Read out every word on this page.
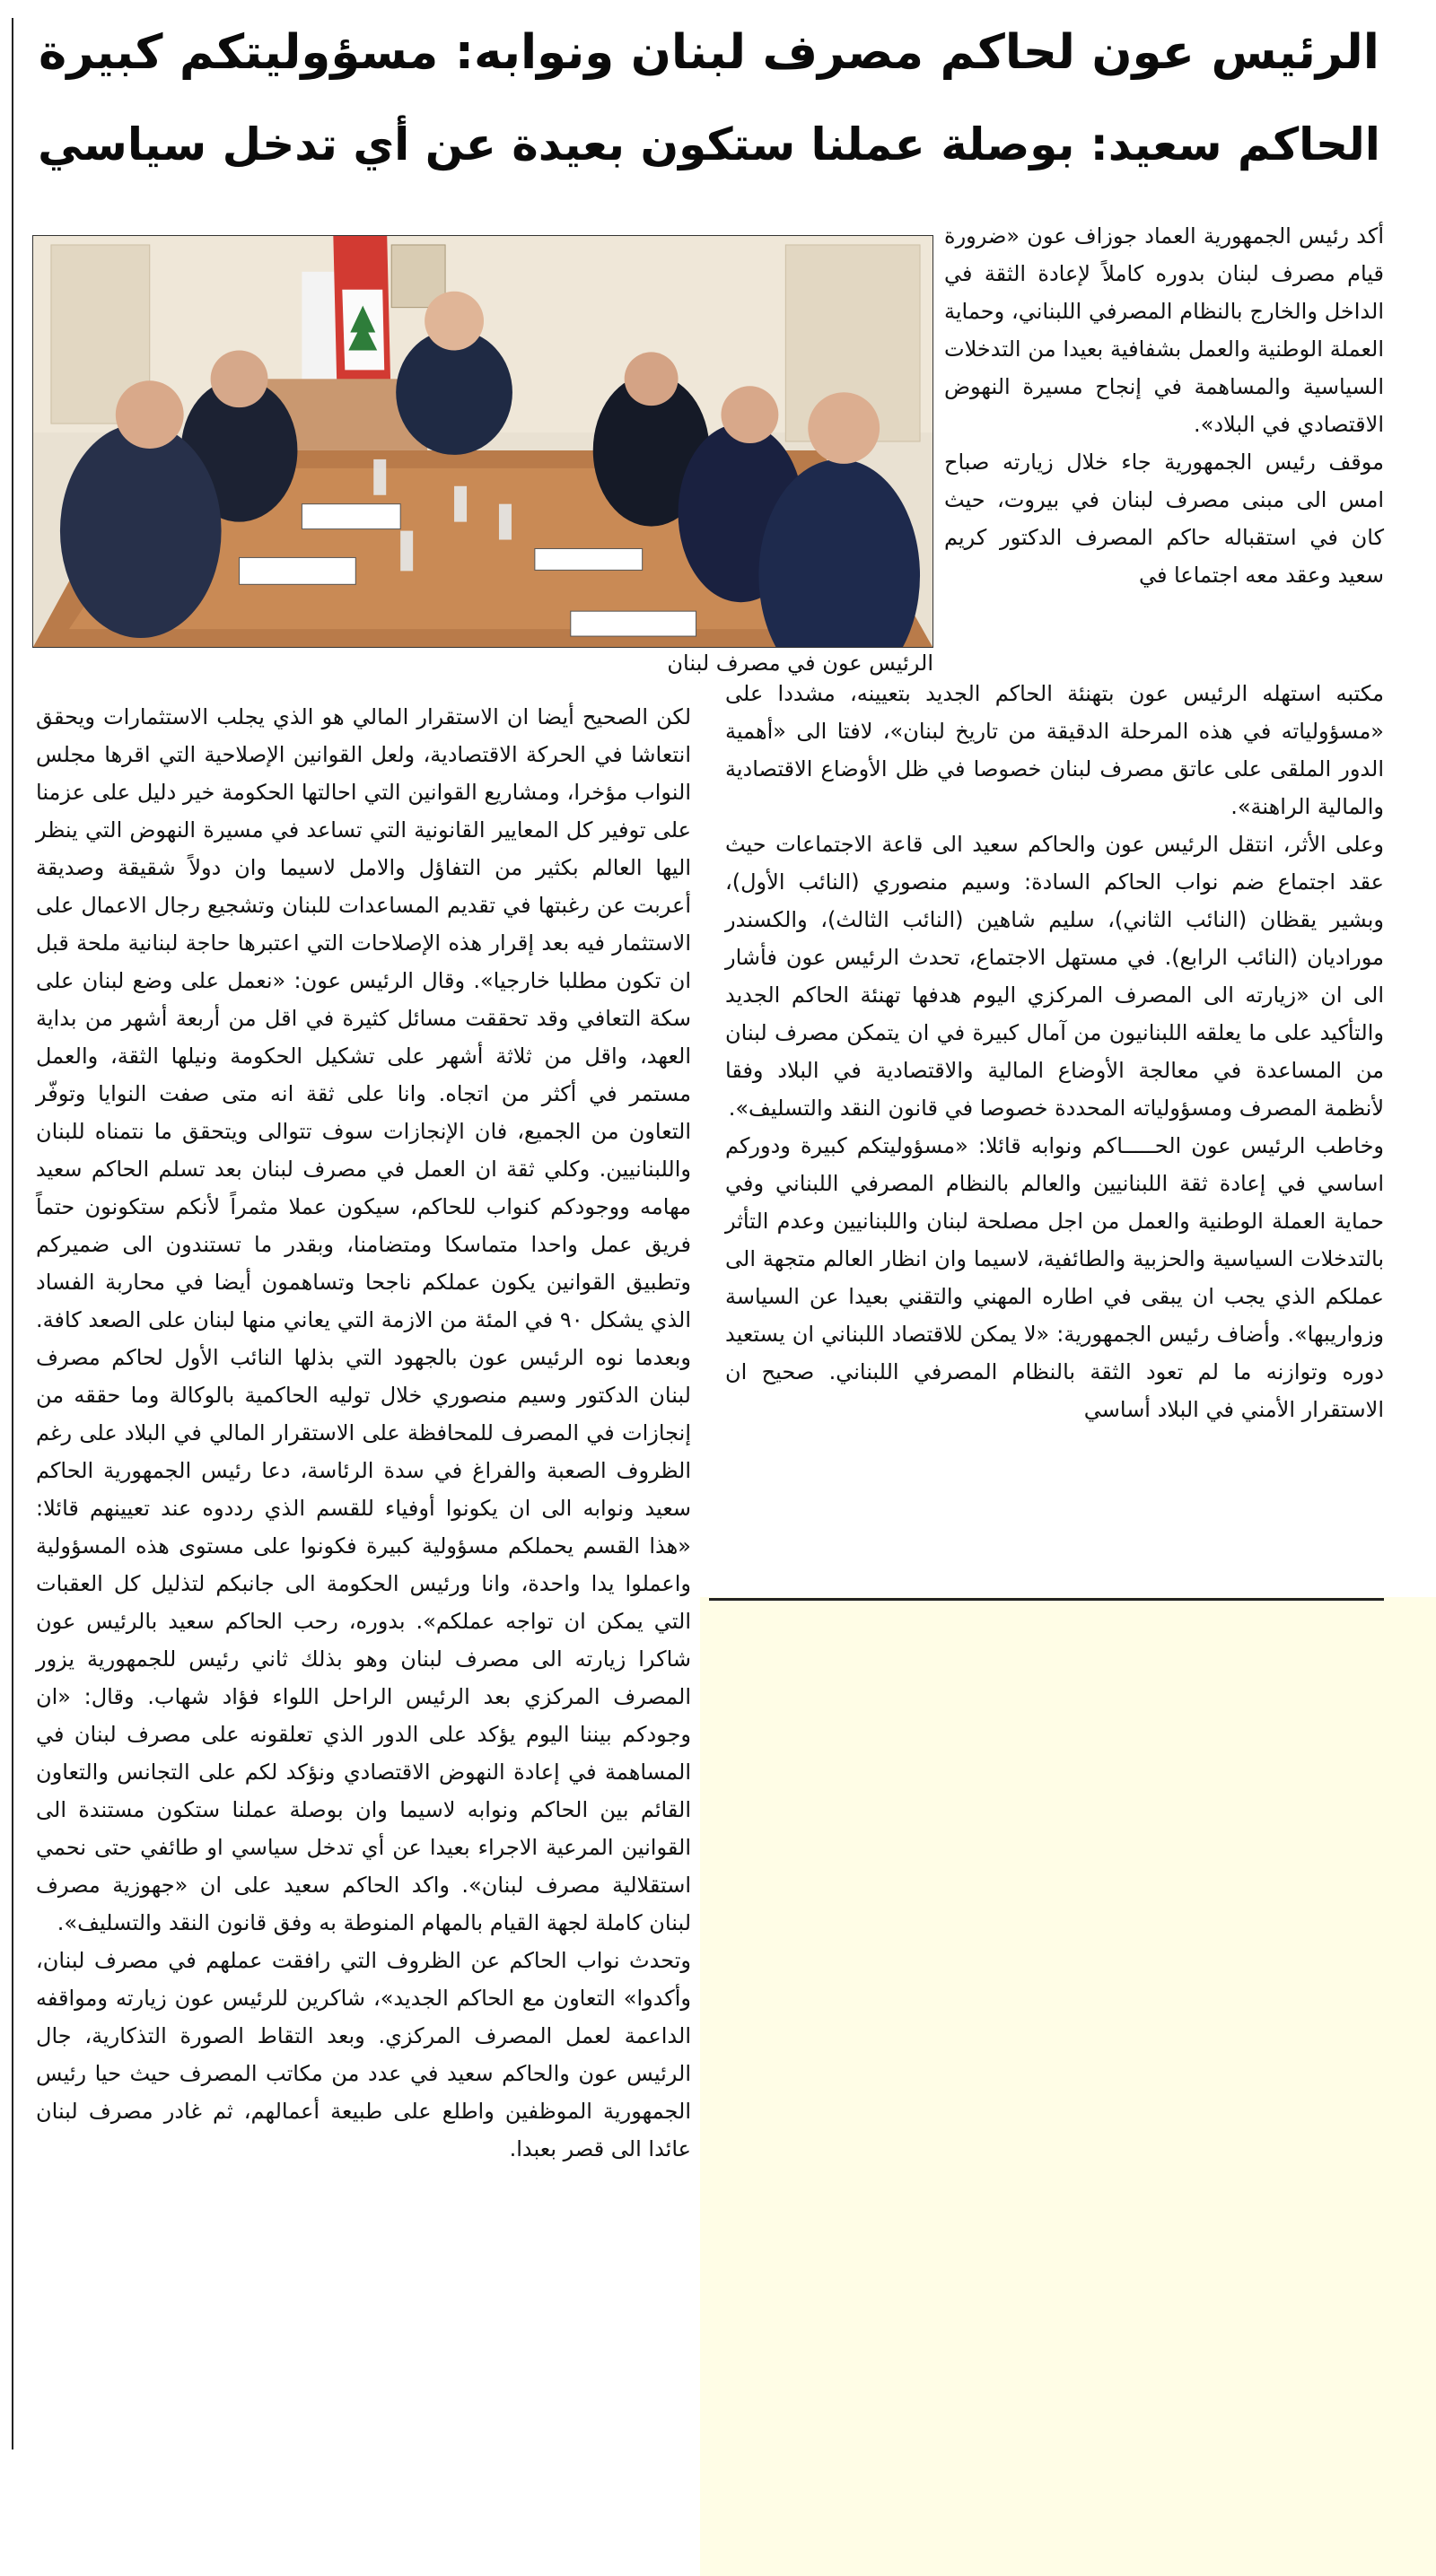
الرئيس عون لحاكم مصرف لبنان ونوابه: مسؤوليتكم كبيرة
الحاكم سعيد: بوصلة عملنا ستكون بعيدة عن أي تدخل سياسي
الرئيس عون في مصرف لبنان

أكد رئيس الجمهورية العماد جوزاف عون «ضرورة قيام مصرف لبنان بدوره كاملاً لإعادة الثقة في الداخل والخارج بالنظام المصرفي اللبناني، وحماية العملة الوطنية والعمل بشفافية بعيدا من التدخلات السياسية والمساهمة في إنجاح مسيرة النهوض الاقتصادي في البلاد».

موقف رئيس الجمهورية جاء خلال زيارته صباح امس الى مبنى مصرف لبنان في بيروت، حيث كان في استقباله حاكم المصرف الدكتور كريم سعيد وعقد معه اجتماعا في

مكتبه استهله الرئيس عون بتهنئة الحاكم الجديد بتعيينه، مشددا على «مسؤولياته في هذه المرحلة الدقيقة من تاريخ لبنان»، لافتا الى «أهمية الدور الملقى على عاتق مصرف لبنان خصوصا في ظل الأوضاع الاقتصادية والمالية الراهنة».

وعلى الأثر، انتقل الرئيس عون والحاكم سعيد الى قاعة الاجتماعات حيث عقد اجتماع ضم نواب الحاكم السادة: وسيم منصوري (النائب الأول)، وبشير يقظان (النائب الثاني)، سليم شاهين (النائب الثالث)، والكسندر موراديان (النائب الرابع). في مستهل الاجتماع، تحدث الرئيس عون فأشار الى ان «زيارته الى المصرف المركزي اليوم هدفها تهنئة الحاكم الجديد والتأكيد على ما يعلقه اللبنانيون من آمال كبيرة في ان يتمكن مصرف لبنان من المساعدة في معالجة الأوضاع المالية والاقتصادية في البلاد وفقا لأنظمة المصرف ومسؤولياته المحددة خصوصا في قانون النقد والتسليف».

وخاطب الرئيس عون الحـــــاكم ونوابه قائلا: «مسؤوليتكم كبيرة ودوركم اساسي في إعادة ثقة اللبنانيين والعالم بالنظام المصرفي اللبناني وفي حماية العملة الوطنية والعمل من اجل مصلحة لبنان واللبنانيين وعدم التأثر بالتدخلات السياسية والحزبية والطائفية، لاسيما وان انظار العالم متجهة الى عملكم الذي يجب ان يبقى في اطاره المهني والتقني بعيدا عن السياسة وزواريبها». وأضاف رئيس الجمهورية: «لا يمكن للاقتصاد اللبناني ان يستعيد دوره وتوازنه ما لم تعود الثقة بالنظام المصرفي اللبناني. صحيح ان الاستقرار الأمني في البلاد أساسي

لكن الصحيح أيضا ان الاستقرار المالي هو الذي يجلب الاستثمارات ويحقق انتعاشا في الحركة الاقتصادية، ولعل القوانين الإصلاحية التي اقرها مجلس النواب مؤخرا، ومشاريع القوانين التي احالتها الحكومة خير دليل على عزمنا على توفير كل المعايير القانونية التي تساعد في مسيرة النهوض التي ينظر اليها العالم بكثير من التفاؤل والامل لاسيما وان دولاً شقيقة وصديقة أعربت عن رغبتها في تقديم المساعدات للبنان وتشجيع رجال الاعمال على الاستثمار فيه بعد إقرار هذه الإصلاحات التي اعتبرها حاجة لبنانية ملحة قبل ان تكون مطلبا خارجيا». وقال الرئيس عون: «نعمل على وضع لبنان على سكة التعافي وقد تحققت مسائل كثيرة في اقل من أربعة أشهر من بداية العهد، واقل من ثلاثة أشهر على تشكيل الحكومة ونيلها الثقة، والعمل مستمر في أكثر من اتجاه. وانا على ثقة انه متى صفت النوايا وتوفّر التعاون من الجميع، فان الإنجازات سوف تتوالى ويتحقق ما نتمناه للبنان واللبنانيين. وكلي ثقة ان العمل في مصرف لبنان بعد تسلم الحاكم سعيد مهامه ووجودكم كنواب للحاكم، سيكون عملا مثمراً لأنكم ستكونون حتماً فريق عمل واحدا متماسكا ومتضامنا، وبقدر ما تستندون الى ضميركم وتطبيق القوانين يكون عملكم ناجحا وتساهمون أيضا في محاربة الفساد الذي يشكل ٩٠ في المئة من الازمة التي يعاني منها لبنان على الصعد كافة. وبعدما نوه الرئيس عون بالجهود التي بذلها النائب الأول لحاكم مصرف لبنان الدكتور وسيم منصوري خلال توليه الحاكمية بالوكالة وما حققه من إنجازات في المصرف للمحافظة على الاستقرار المالي في البلاد على رغم الظروف الصعبة والفراغ في سدة الرئاسة، دعا رئيس الجمهورية الحاكم سعيد ونوابه الى ان يكونوا أوفياء للقسم الذي رددوه عند تعيينهم قائلا: «هذا القسم يحملكم مسؤولية كبيرة فكونوا على مستوى هذه المسؤولية واعملوا يدا واحدة، وانا ورئيس الحكومة الى جانبكم لتذليل كل العقبات التي يمكن ان تواجه عملكم». بدوره، رحب الحاكم سعيد بالرئيس عون شاكرا زيارته الى مصرف لبنان وهو بذلك ثاني رئيس للجمهورية يزور المصرف المركزي بعد الرئيس الراحل اللواء فؤاد شهاب. وقال: «ان وجودكم بيننا اليوم يؤكد على الدور الذي تعلقونه على مصرف لبنان في المساهمة في إعادة النهوض الاقتصادي ونؤكد لكم على التجانس والتعاون القائم بين الحاكم ونوابه لاسيما وان بوصلة عملنا ستكون مستندة الى القوانين المرعية الاجراء بعيدا عن أي تدخل سياسي او طائفي حتى نحمي استقلالية مصرف لبنان». واكد الحاكم سعيد على ان «جهوزية مصرف لبنان كاملة لجهة القيام بالمهام المنوطة به وفق قانون النقد والتسليف».

وتحدث نواب الحاكم عن الظروف التي رافقت عملهم في مصرف لبنان، وأكدوا» التعاون مع الحاكم الجديد»، شاكرين للرئيس عون زيارته ومواقفه الداعمة لعمل المصرف المركزي. وبعد التقاط الصورة التذكارية، جال الرئيس عون والحاكم سعيد في عدد من مكاتب المصرف حيث حيا رئيس الجمهورية الموظفين واطلع على طبيعة أعمالهم، ثم غادر مصرف لبنان عائدا الى قصر بعبدا.
